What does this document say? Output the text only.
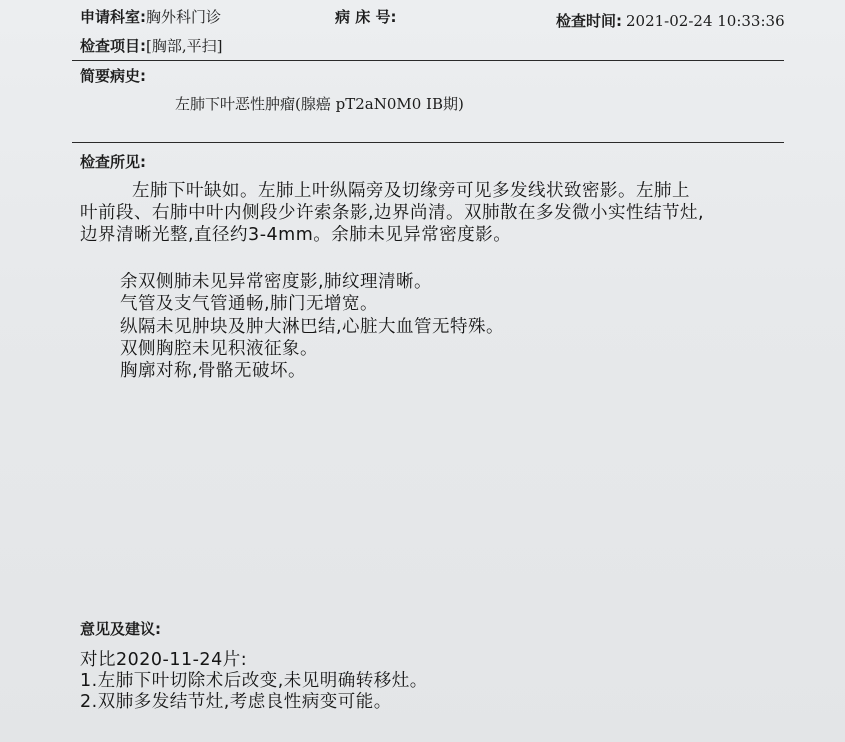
申请科室:胸外科门诊	病 床 号:	检查时间: 2021-02-24 10:33:36
检查项目:[胸部,平扫]
简要病史:
左肺下叶恶性肿瘤(腺癌 pT2aN0M0 IB期)
检查所见:
左肺下叶缺如。左肺上叶纵隔旁及切缘旁可见多发线状致密影。左肺上叶前段、右肺中叶内侧段少许索条影,边界尚清。双肺散在多发微小实性结节灶,边界清晰光整,直径约3-4mm。余肺未见异常密度影。
余双侧肺未见异常密度影,肺纹理清晰。
气管及支气管通畅,肺门无增宽。
纵隔未见肿块及肿大淋巴结,心脏大血管无特殊。
双侧胸腔未见积液征象。
胸廓对称,骨骼无破坏。
意见及建议:
对比2020-11-24片:
1.左肺下叶切除术后改变,未见明确转移灶。
2.双肺多发结节灶,考虑良性病变可能。
